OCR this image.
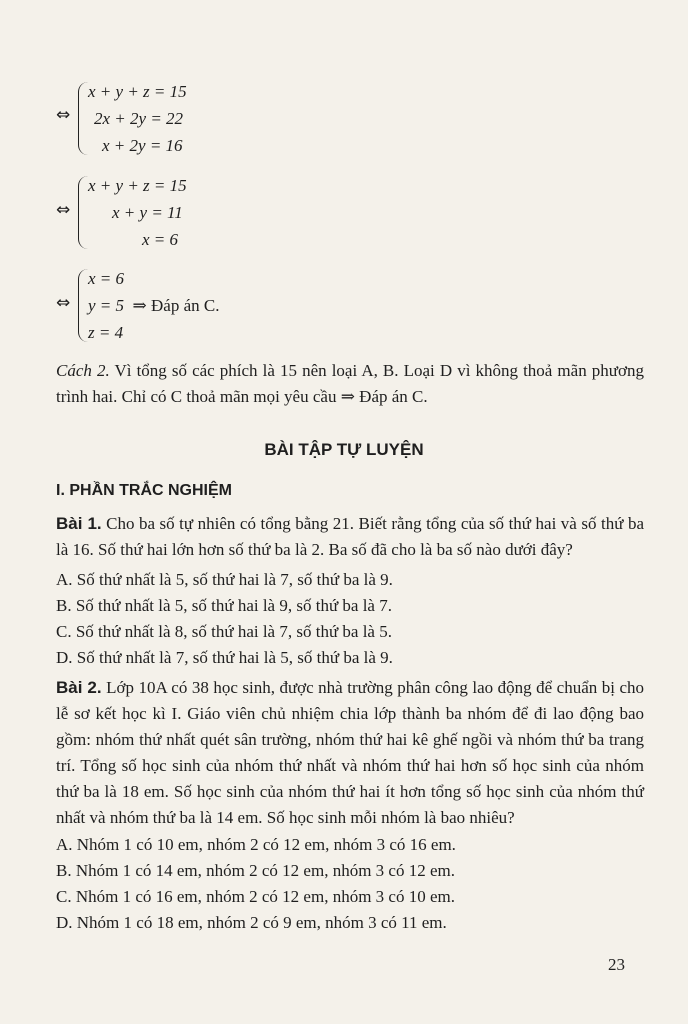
⇔
x + y + z = 15
2x + 2y = 22
x + 2y = 16
⇔
x + y + z = 15
x + y = 11
x = 6
⇔
x = 6
y = 5 ⇒ Đáp án C.
z = 4
Cách 2. Vì tổng số các phích là 15 nên loại A, B. Loại D vì không thoả mãn phương trình hai. Chỉ có C thoả mãn mọi yêu cầu ⇒ Đáp án C.
BÀI TẬP TỰ LUYỆN
I. PHẦN TRẮC NGHIỆM
Bài 1. Cho ba số tự nhiên có tổng bằng 21. Biết rằng tổng của số thứ hai và số thứ ba là 16. Số thứ hai lớn hơn số thứ ba là 2. Ba số đã cho là ba số nào dưới đây?
A. Số thứ nhất là 5, số thứ hai là 7, số thứ ba là 9.
B. Số thứ nhất là 5, số thứ hai là 9, số thứ ba là 7.
C. Số thứ nhất là 8, số thứ hai là 7, số thứ ba là 5.
D. Số thứ nhất là 7, số thứ hai là 5, số thứ ba là 9.
Bài 2. Lớp 10A có 38 học sinh, được nhà trường phân công lao động để chuẩn bị cho lễ sơ kết học kì I. Giáo viên chủ nhiệm chia lớp thành ba nhóm để đi lao động bao gồm: nhóm thứ nhất quét sân trường, nhóm thứ hai kê ghế ngồi và nhóm thứ ba trang trí. Tổng số học sinh của nhóm thứ nhất và nhóm thứ hai hơn số học sinh của nhóm thứ ba là 18 em. Số học sinh của nhóm thứ hai ít hơn tổng số học sinh của nhóm thứ nhất và nhóm thứ ba là 14 em. Số học sinh mỗi nhóm là bao nhiêu?
A. Nhóm 1 có 10 em, nhóm 2 có 12 em, nhóm 3 có 16 em.
B. Nhóm 1 có 14 em, nhóm 2 có 12 em, nhóm 3 có 12 em.
C. Nhóm 1 có 16 em, nhóm 2 có 12 em, nhóm 3 có 10 em.
D. Nhóm 1 có 18 em, nhóm 2 có 9 em, nhóm 3 có 11 em.
23
